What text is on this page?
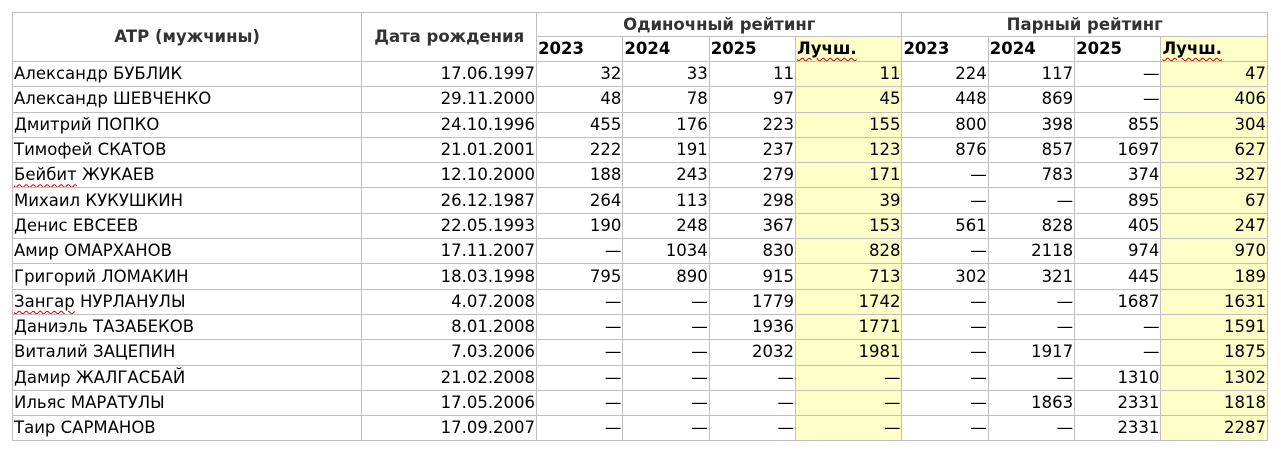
ATP (мужчины)	Дата рождения	Одиночный рейтинг				Парный рейтинг			
		2023	2024	2025	Лучш.	2023	2024	2025	Лучш.
Александр БУБЛИК	17.06.1997	32	33	11	11	224	117	—	47
Александр ШЕВЧЕНКО	29.11.2000	48	78	97	45	448	869	—	406
Дмитрий ПОПКО	24.10.1996	455	176	223	155	800	398	855	304
Тимофей СКАТОВ	21.01.2001	222	191	237	123	876	857	1697	627
Бейбит ЖУКАЕВ	12.10.2000	188	243	279	171	—	783	374	327
Михаил КУКУШКИН	26.12.1987	264	113	298	39	—	—	895	67
Денис ЕВСЕЕВ	22.05.1993	190	248	367	153	561	828	405	247
Амир ОМАРХАНОВ	17.11.2007	—	1034	830	828	—	2118	974	970
Григорий ЛОМАКИН	18.03.1998	795	890	915	713	302	321	445	189
Зангар НУРЛАНУЛЫ	4.07.2008	—	—	1779	1742	—	—	1687	1631
Даниэль ТАЗАБЕКОВ	8.01.2008	—	—	1936	1771	—	—	—	1591
Виталий ЗАЦЕПИН	7.03.2006	—	—	2032	1981	—	1917	—	1875
Дамир ЖАЛГАСБАЙ	21.02.2008	—	—	—	—	—	—	1310	1302
Ильяс МАРАТУЛЫ	17.05.2006	—	—	—	—	—	1863	2331	1818
Таир САРМАНОВ	17.09.2007	—	—	—	—	—	—	2331	2287
